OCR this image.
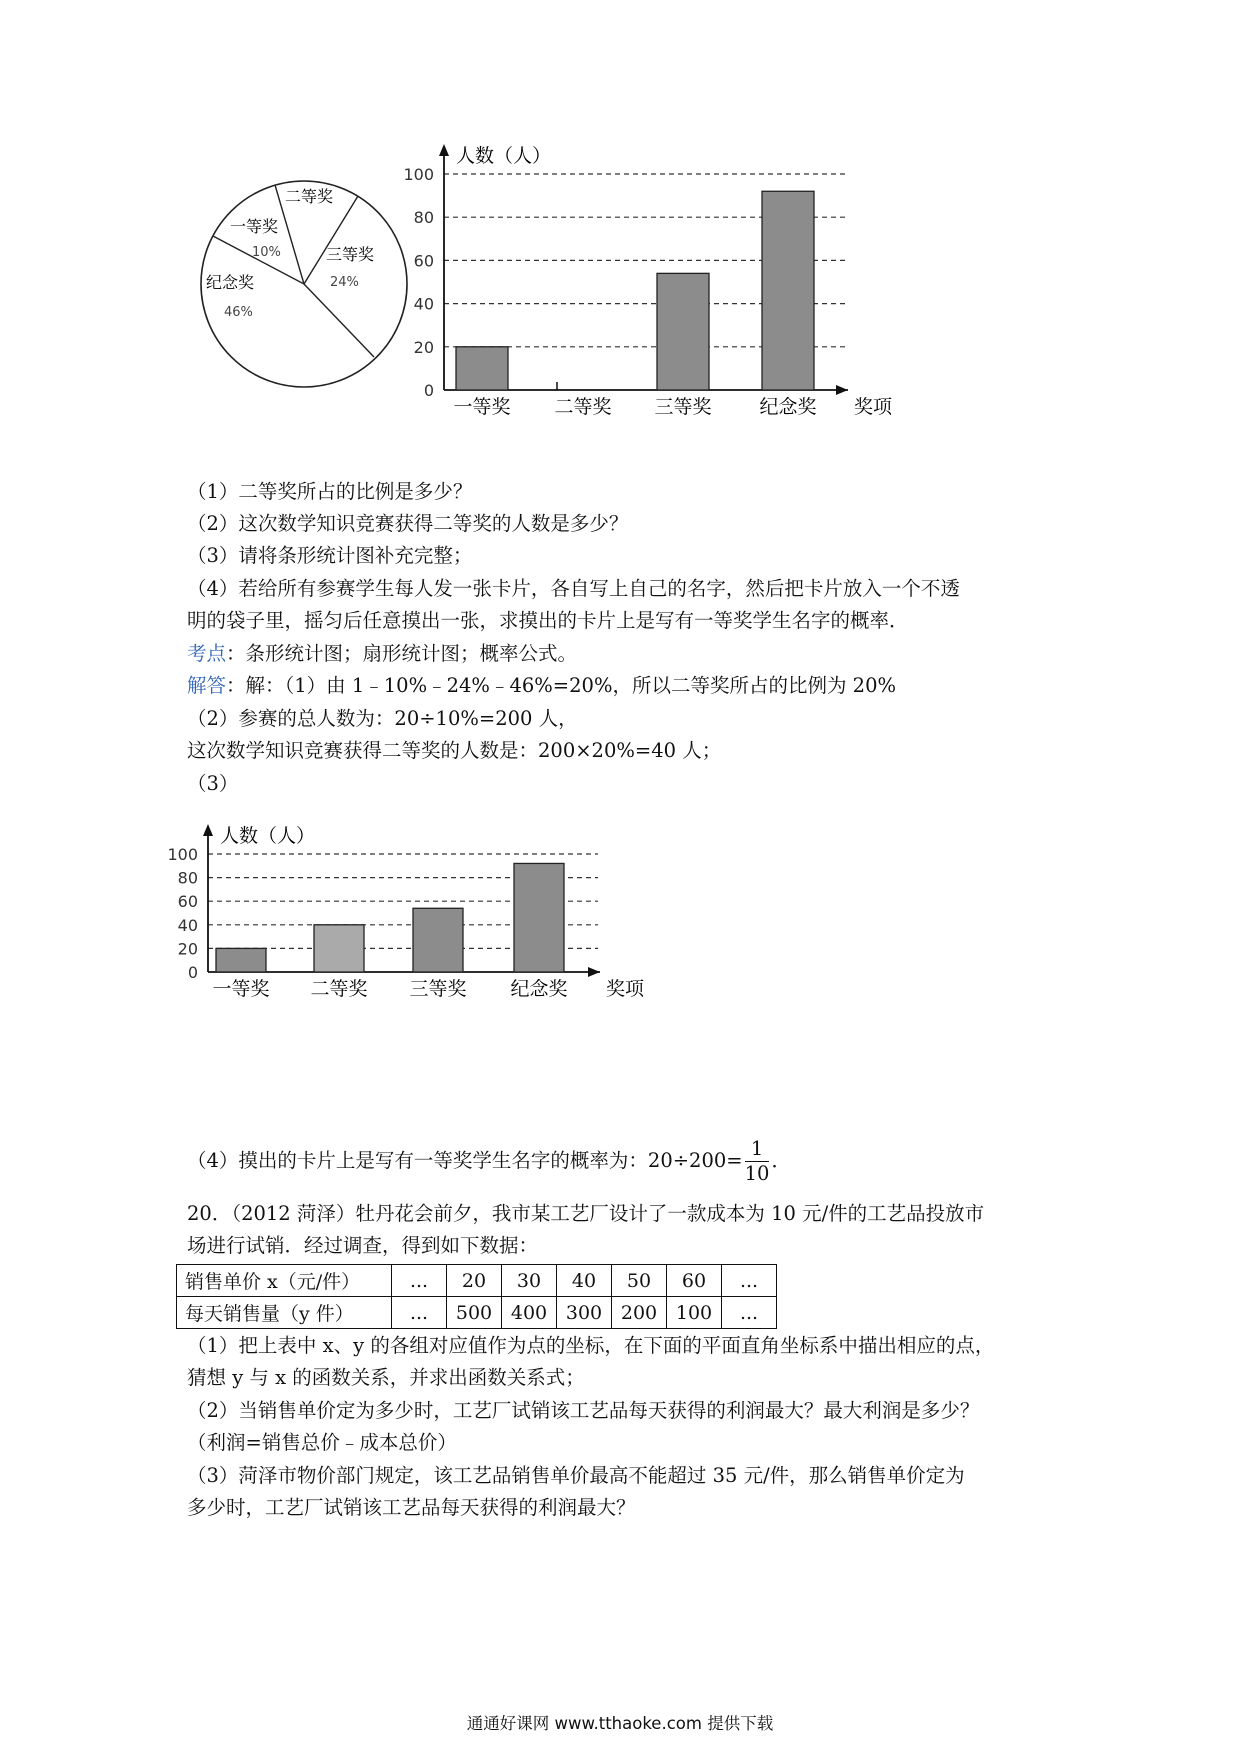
一等奖
10%
二等奖
三等奖
24%
纪念奖
46%
0
20
40
60
80
100
人数（人）
奖项
一等奖 二等奖 三等奖	纪念奖
（1）二等奖所占的比例是多少？
（2）这次数学知识竞赛获得二等奖的人数是多少？
（3）请将条形统计图补充完整；
（4）若给所有参赛学生每人发一张卡片，各自写上自己的名字，然后把卡片放入一个不透
明的袋子里，摇匀后任意摸出一张，求摸出的卡片上是写有一等奖学生名字的概率．
考点：条形统计图；扇形统计图；概率公式。
解答：解：（1）由 1﹣10%﹣24%﹣46%=20%，所以二等奖所占的比例为 20%
（2）参赛的总人数为：20÷10%=200 人，
这次数学知识竞赛获得二等奖的人数是：200×20%=40 人；
（3）
0
20
40
60
80
100
人数（人）
奖项
一等奖 二等奖 三等奖 纪念奖
（4）摸出的卡片上是写有一等奖学生名字的概率为：$20\div 200= \frac{1}{10}$ ．
20．（2012 菏泽）牡丹花会前夕，我市某工艺厂设计了一款成本为 10 元/件的工艺品投放市
场进行试销．经过调查，得到如下数据：
销售单价 x（元/件）	...	20	30	40	50	60	...
每天销售量（y 件）	...	500	400	300	200	100	...
（1）把上表中 x、y 的各组对应值作为点的坐标，在下面的平面直角坐标系中描出相应的点，
猜想 y 与 x 的函数关系，并求出函数关系式；
（2）当销售单价定为多少时，工艺厂试销该工艺品每天获得的利润最大？最大利润是多少？
（利润=销售总价﹣成本总价）
（3）菏泽市物价部门规定，该工艺品销售单价最高不能超过 35 元/件，那么销售单价定为
多少时，工艺厂试销该工艺品每天获得的利润最大？
通通好课网 www.tthaoke.com 提供下载
